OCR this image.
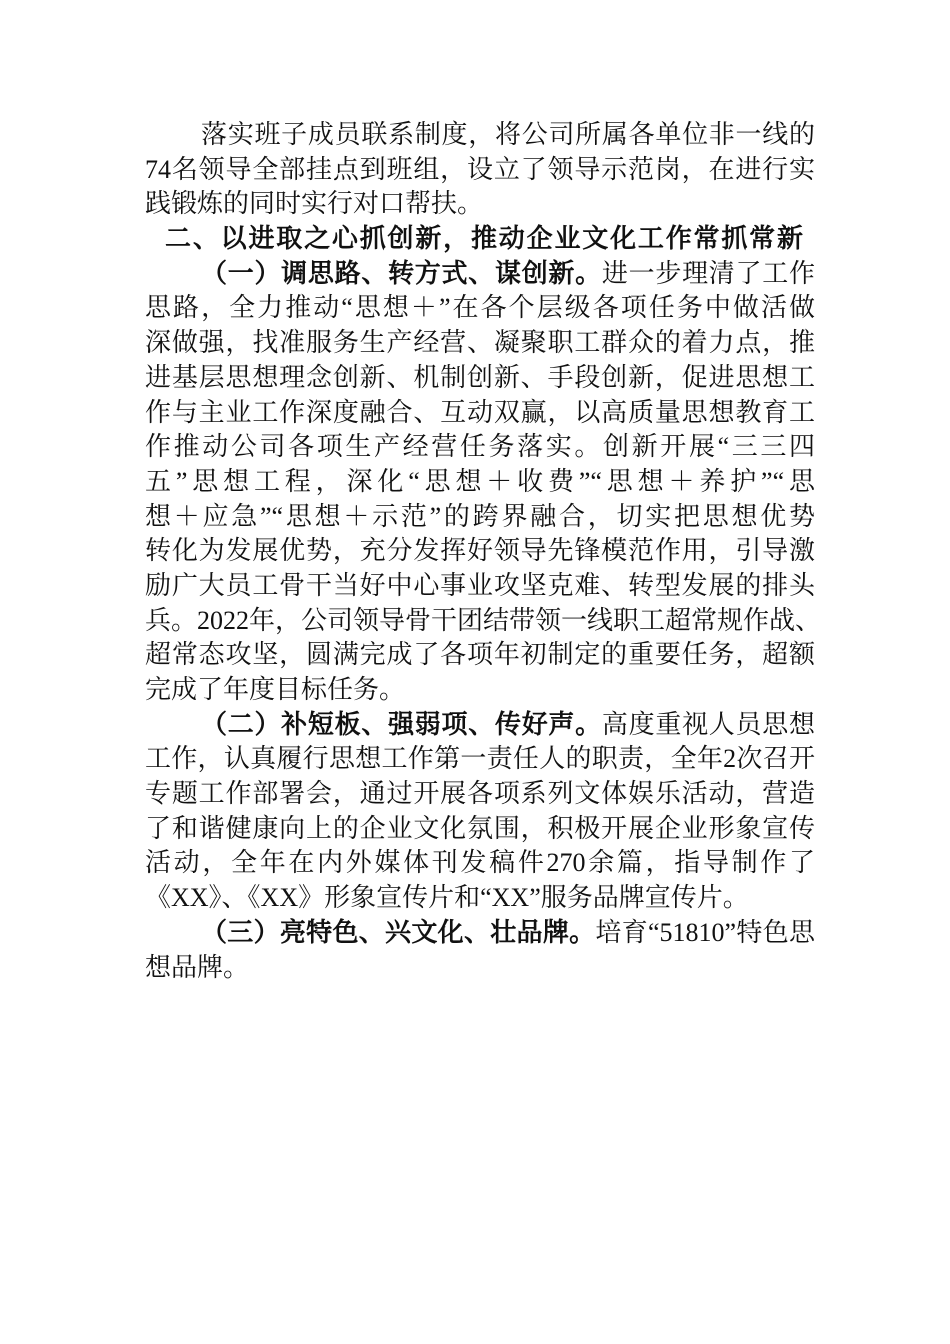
落实班子成员联系制度，将公司所属各单位非一线的
74名领导全部挂点到班组，设立了领导示范岗，在进行实
践锻炼的同时实行对口帮扶。
二、以进取之心抓创新，推动企业文化工作常抓常新
（一）调思路、转方式、谋创新。进一步理清了工作
思路，全力推动“思想＋”在各个层级各项任务中做活做
深做强，找准服务生产经营、凝聚职工群众的着力点，推
进基层思想理念创新、机制创新、手段创新，促进思想工
作与主业工作深度融合、互动双赢，以高质量思想教育工
作推动公司各项生产经营任务落实。创新开展“三三四
五”思想工程，深化“思想＋收费”“思想＋养护”“思
想＋应急”“思想＋示范”的跨界融合，切实把思想优势
转化为发展优势，充分发挥好领导先锋模范作用，引导激
励广大员工骨干当好中心事业攻坚克难、转型发展的排头
兵。2022年，公司领导骨干团结带领一线职工超常规作战、
超常态攻坚，圆满完成了各项年初制定的重要任务，超额
完成了年度目标任务。
（二）补短板、强弱项、传好声。高度重视人员思想
工作，认真履行思想工作第一责任人的职责，全年2次召开
专题工作部署会，通过开展各项系列文体娱乐活动，营造
了和谐健康向上的企业文化氛围，积极开展企业形象宣传
活动，全年在内外媒体刊发稿件270余篇，指导制作了
《XX》、《XX》形象宣传片和“XX”服务品牌宣传片。
（三）亮特色、兴文化、壮品牌。培育“51810”特色思
想品牌。
